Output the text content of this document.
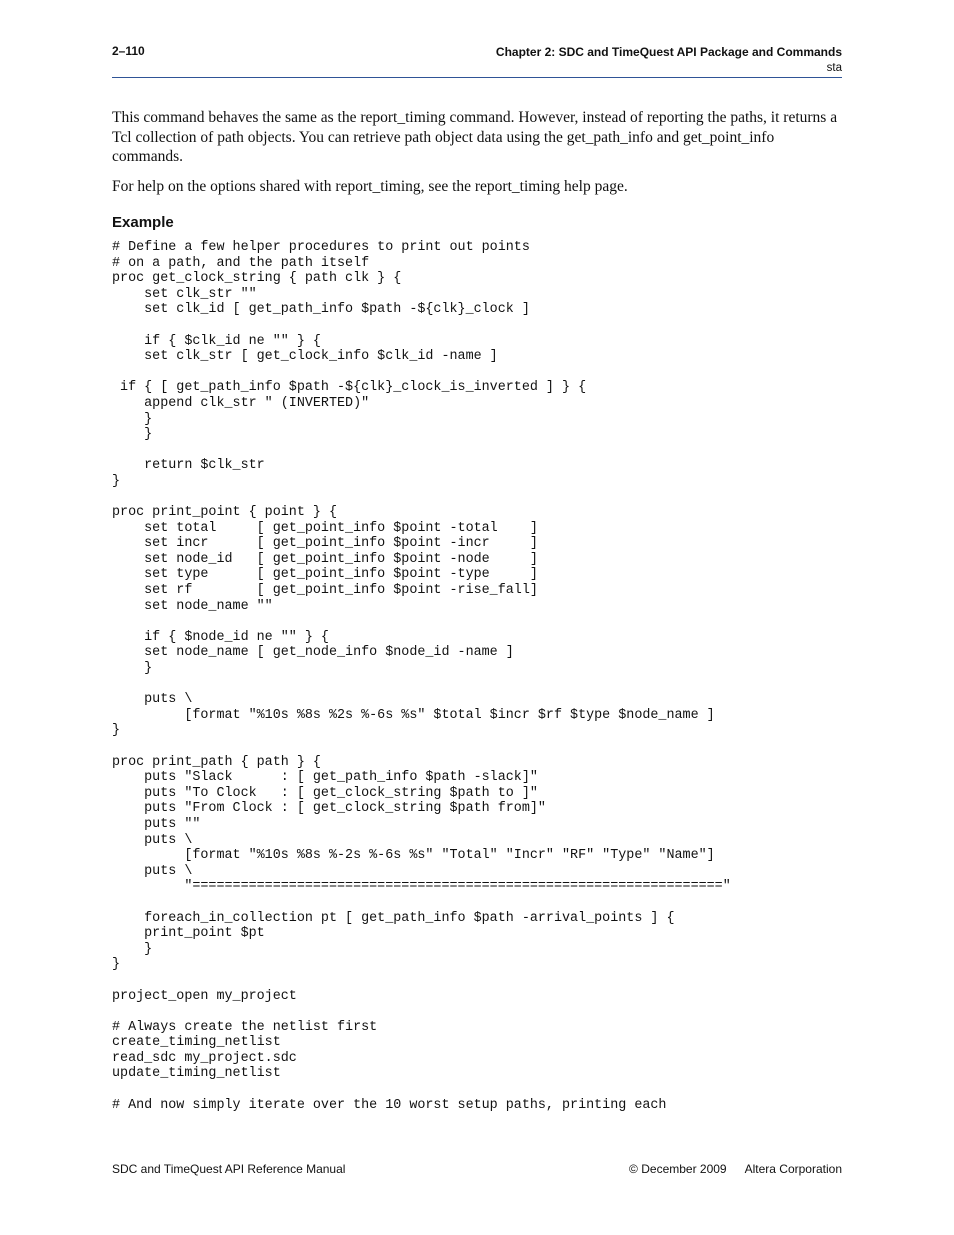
2–110	Chapter 2: SDC and TimeQuest API Package and Commands
sta

This command behaves the same as the report_timing command. However, instead of reporting the paths, it returns a Tcl collection of path objects. You can retrieve path object data using the get_path_info and get_point_info commands.

For help on the options shared with report_timing, see the report_timing help page.

Example
# Define a few helper procedures to print out points
# on a path, and the path itself
proc get_clock_string { path clk } {
set clk_str ""
set clk_id [ get_path_info $path -${clk}_clock ]

if { $clk_id ne "" } {
set clk_str [ get_clock_info $clk_id -name ]

if { [ get_path_info $path -${clk}_clock_is_inverted ] } {
append clk_str " (INVERTED)"
}
}

return $clk_str
}

proc print_point { point } {
set total     [ get_point_info $point -total    ]
set incr      [ get_point_info $point -incr     ]
set node_id   [ get_point_info $point -node     ]
set type      [ get_point_info $point -type     ]
set rf        [ get_point_info $point -rise_fall]
set node_name ""

if { $node_id ne "" } {
set node_name [ get_node_info $node_id -name ]
}

puts \
[format "%10s %8s %2s %-6s %s" $total $incr $rf $type $node_name ]
}

proc print_path { path } {
puts "Slack      : [ get_path_info $path -slack]"
puts "To Clock   : [ get_clock_string $path to ]"
puts "From Clock : [ get_clock_string $path from]"
puts ""
puts \
[format "%10s %8s %-2s %-6s %s" "Total" "Incr" "RF" "Type" "Name"]
puts \
"=================================================================="

foreach_in_collection pt [ get_path_info $path -arrival_points ] {
print_point $pt
}
}

project_open my_project

# Always create the netlist first
create_timing_netlist
read_sdc my_project.sdc
update_timing_netlist

# And now simply iterate over the 10 worst setup paths, printing each
SDC and TimeQuest API Reference Manual	© December 2009 Altera Corporation
